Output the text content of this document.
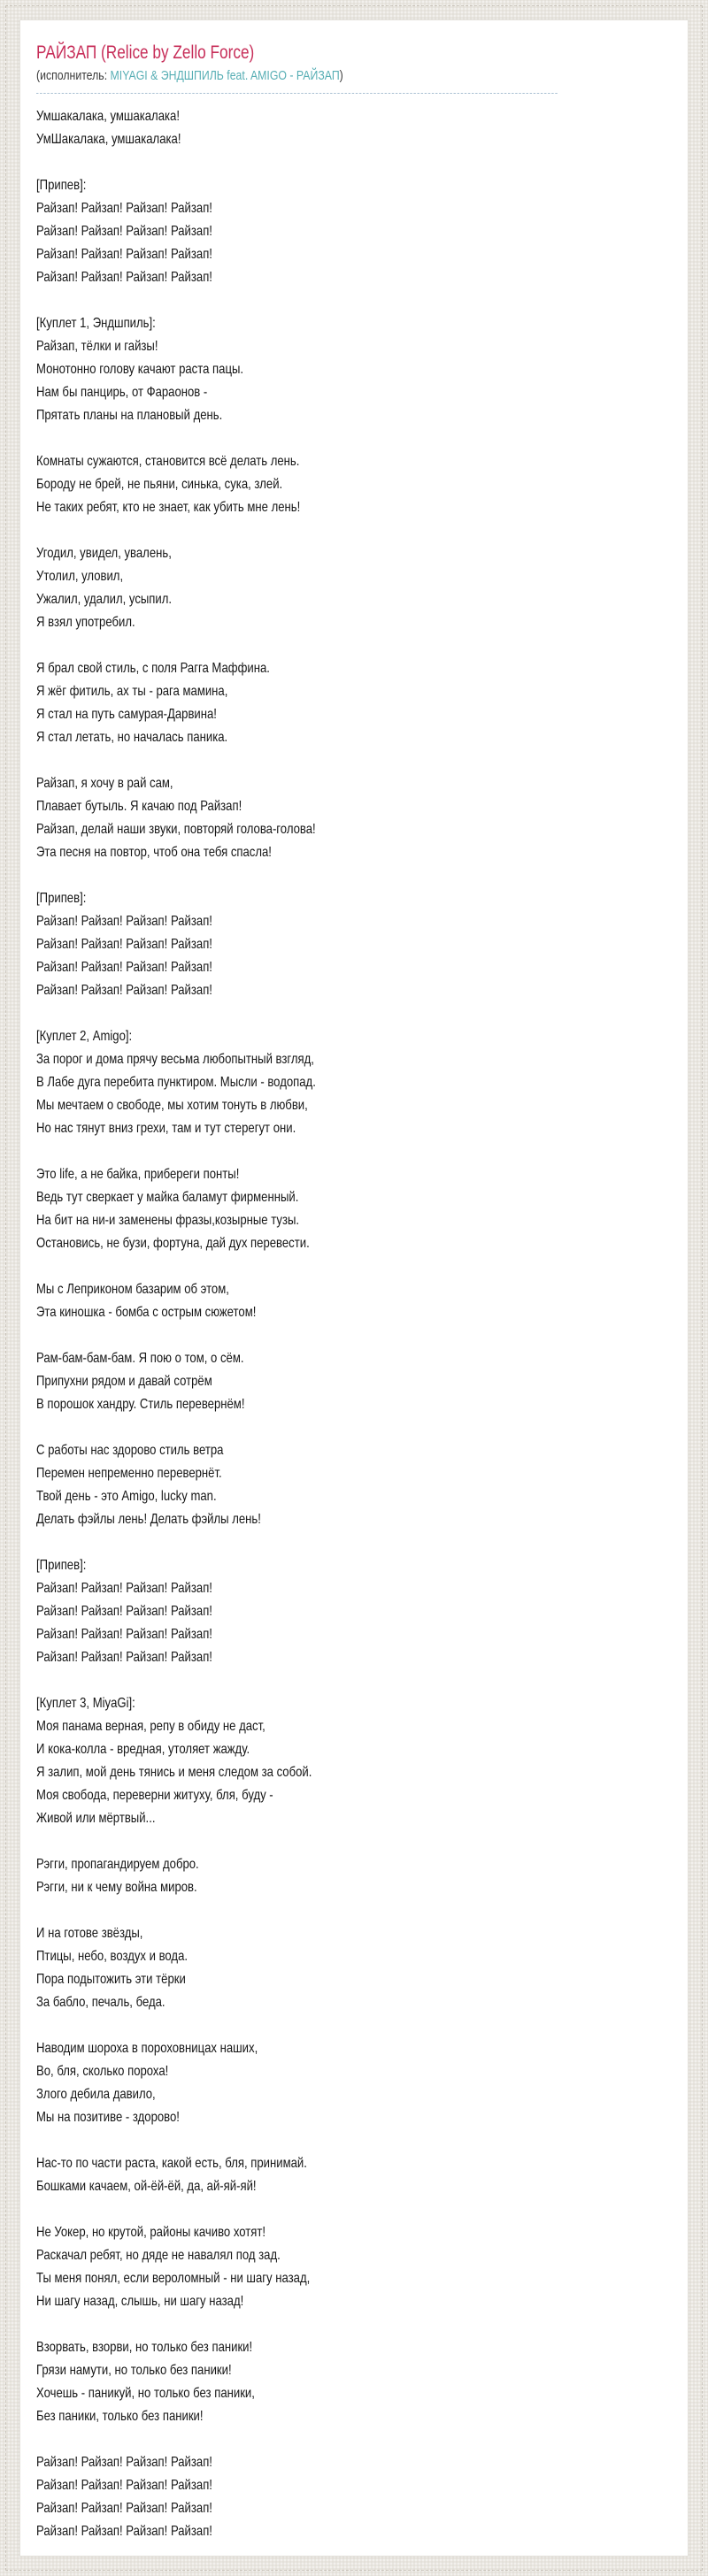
РАЙЗАП (Relice by Zello Force)
(исполнитель: MIYAGI & ЭНДШПИЛЬ feat. AMIGO - РАЙЗАП)

Умшакалака, умшакалака!
УмШакалака, умшакалака!

[Припев]:
Райзап! Райзап! Райзап! Райзап!
Райзап! Райзап! Райзап! Райзап!
Райзап! Райзап! Райзап! Райзап!
Райзап! Райзап! Райзап! Райзап!

[Куплет 1, Эндшпиль]:
Райзап, тёлки и гайзы!
Монотонно голову качают раста пацы.
Нам бы панцирь, от Фараонов -
Прятать планы на плановый день.

Комнаты сужаются, становится всё делать лень.
Бороду не брей, не пьяни, синька, сука, злей.
Не таких ребят, кто не знает, как убить мне лень!

Угодил, увидел, увалень,
Утолил, уловил,
Ужалил, удалил, усыпил.
Я взял употребил.

Я брал свой стиль, с поля Рагга Маффина.
Я жёг фитиль, ах ты - рага мамина,
Я стал на путь самурая-Дарвина!
Я стал летать, но началась паника.

Райзап, я хочу в рай сам,
Плавает бутыль. Я качаю под Райзап!
Райзап, делай наши звуки, повторяй голова-голова!
Эта песня на повтор, чтоб она тебя спасла!

[Припев]:
Райзап! Райзап! Райзап! Райзап!
Райзап! Райзап! Райзап! Райзап!
Райзап! Райзап! Райзап! Райзап!
Райзап! Райзап! Райзап! Райзап!

[Куплет 2, Amigo]:
За порог и дома прячу весьма любопытный взгляд,
В Лабе дуга перебита пунктиром. Мысли - водопад.
Мы мечтаем о свободе, мы хотим тонуть в любви,
Но нас тянут вниз грехи, там и тут стерегут они.

Это life, а не байка, прибереги понты!
Ведь тут сверкает у майка баламут фирменный.
На бит на ни-и заменены фразы,козырные тузы.
Остановись, не бузи, фортуна, дай дух перевести.

Мы с Леприконом базарим об этом,
Эта киношка - бомба с острым сюжетом!

Рам-бам-бам-бам. Я пою о том, о сём.
Припухни рядом и давай сотрём
В порошок хандру. Стиль перевернём!

С работы нас здорово стиль ветра
Перемен непременно перевернёт.
Твой день - это Amigo, lucky man.
Делать фэйлы лень! Делать фэйлы лень!

[Припев]:
Райзап! Райзап! Райзап! Райзап!
Райзап! Райзап! Райзап! Райзап!
Райзап! Райзап! Райзап! Райзап!
Райзап! Райзап! Райзап! Райзап!

[Куплет 3, MiyaGi]:
Моя панама верная, репу в обиду не даст,
И кока-колла - вредная, утоляет жажду.
Я залип, мой день тянись и меня следом за собой.
Моя свобода, переверни житуху, бля, буду -
Живой или мёртвый...

Рэгги, пропагандируем добро.
Рэгги, ни к чему война миров.

И на готове звёзды,
Птицы, небо, воздух и вода.
Пора подытожить эти тёрки
За бабло, печаль, беда.

Наводим шороха в пороховницах наших,
Во, бля, сколько пороха!
Злого дебила давило,
Мы на позитиве - здорово!

Нас-то по части раста, какой есть, бля, принимай.
Бошками качаем, ой-ёй-ёй, да, ай-яй-яй!

Не Уокер, но крутой, районы качиво хотят!
Раскачал ребят, но дяде не навалял под зад.
Ты меня понял, если вероломный - ни шагу назад,
Ни шагу назад, слышь, ни шагу назад!

Взорвать, взорви, но только без паники!
Грязи намути, но только без паники!
Хочешь - паникуй, но только без паники,
Без паники, только без паники!

Райзап! Райзап! Райзап! Райзап!
Райзап! Райзап! Райзап! Райзап!
Райзап! Райзап! Райзап! Райзап!
Райзап! Райзап! Райзап! Райзап!
